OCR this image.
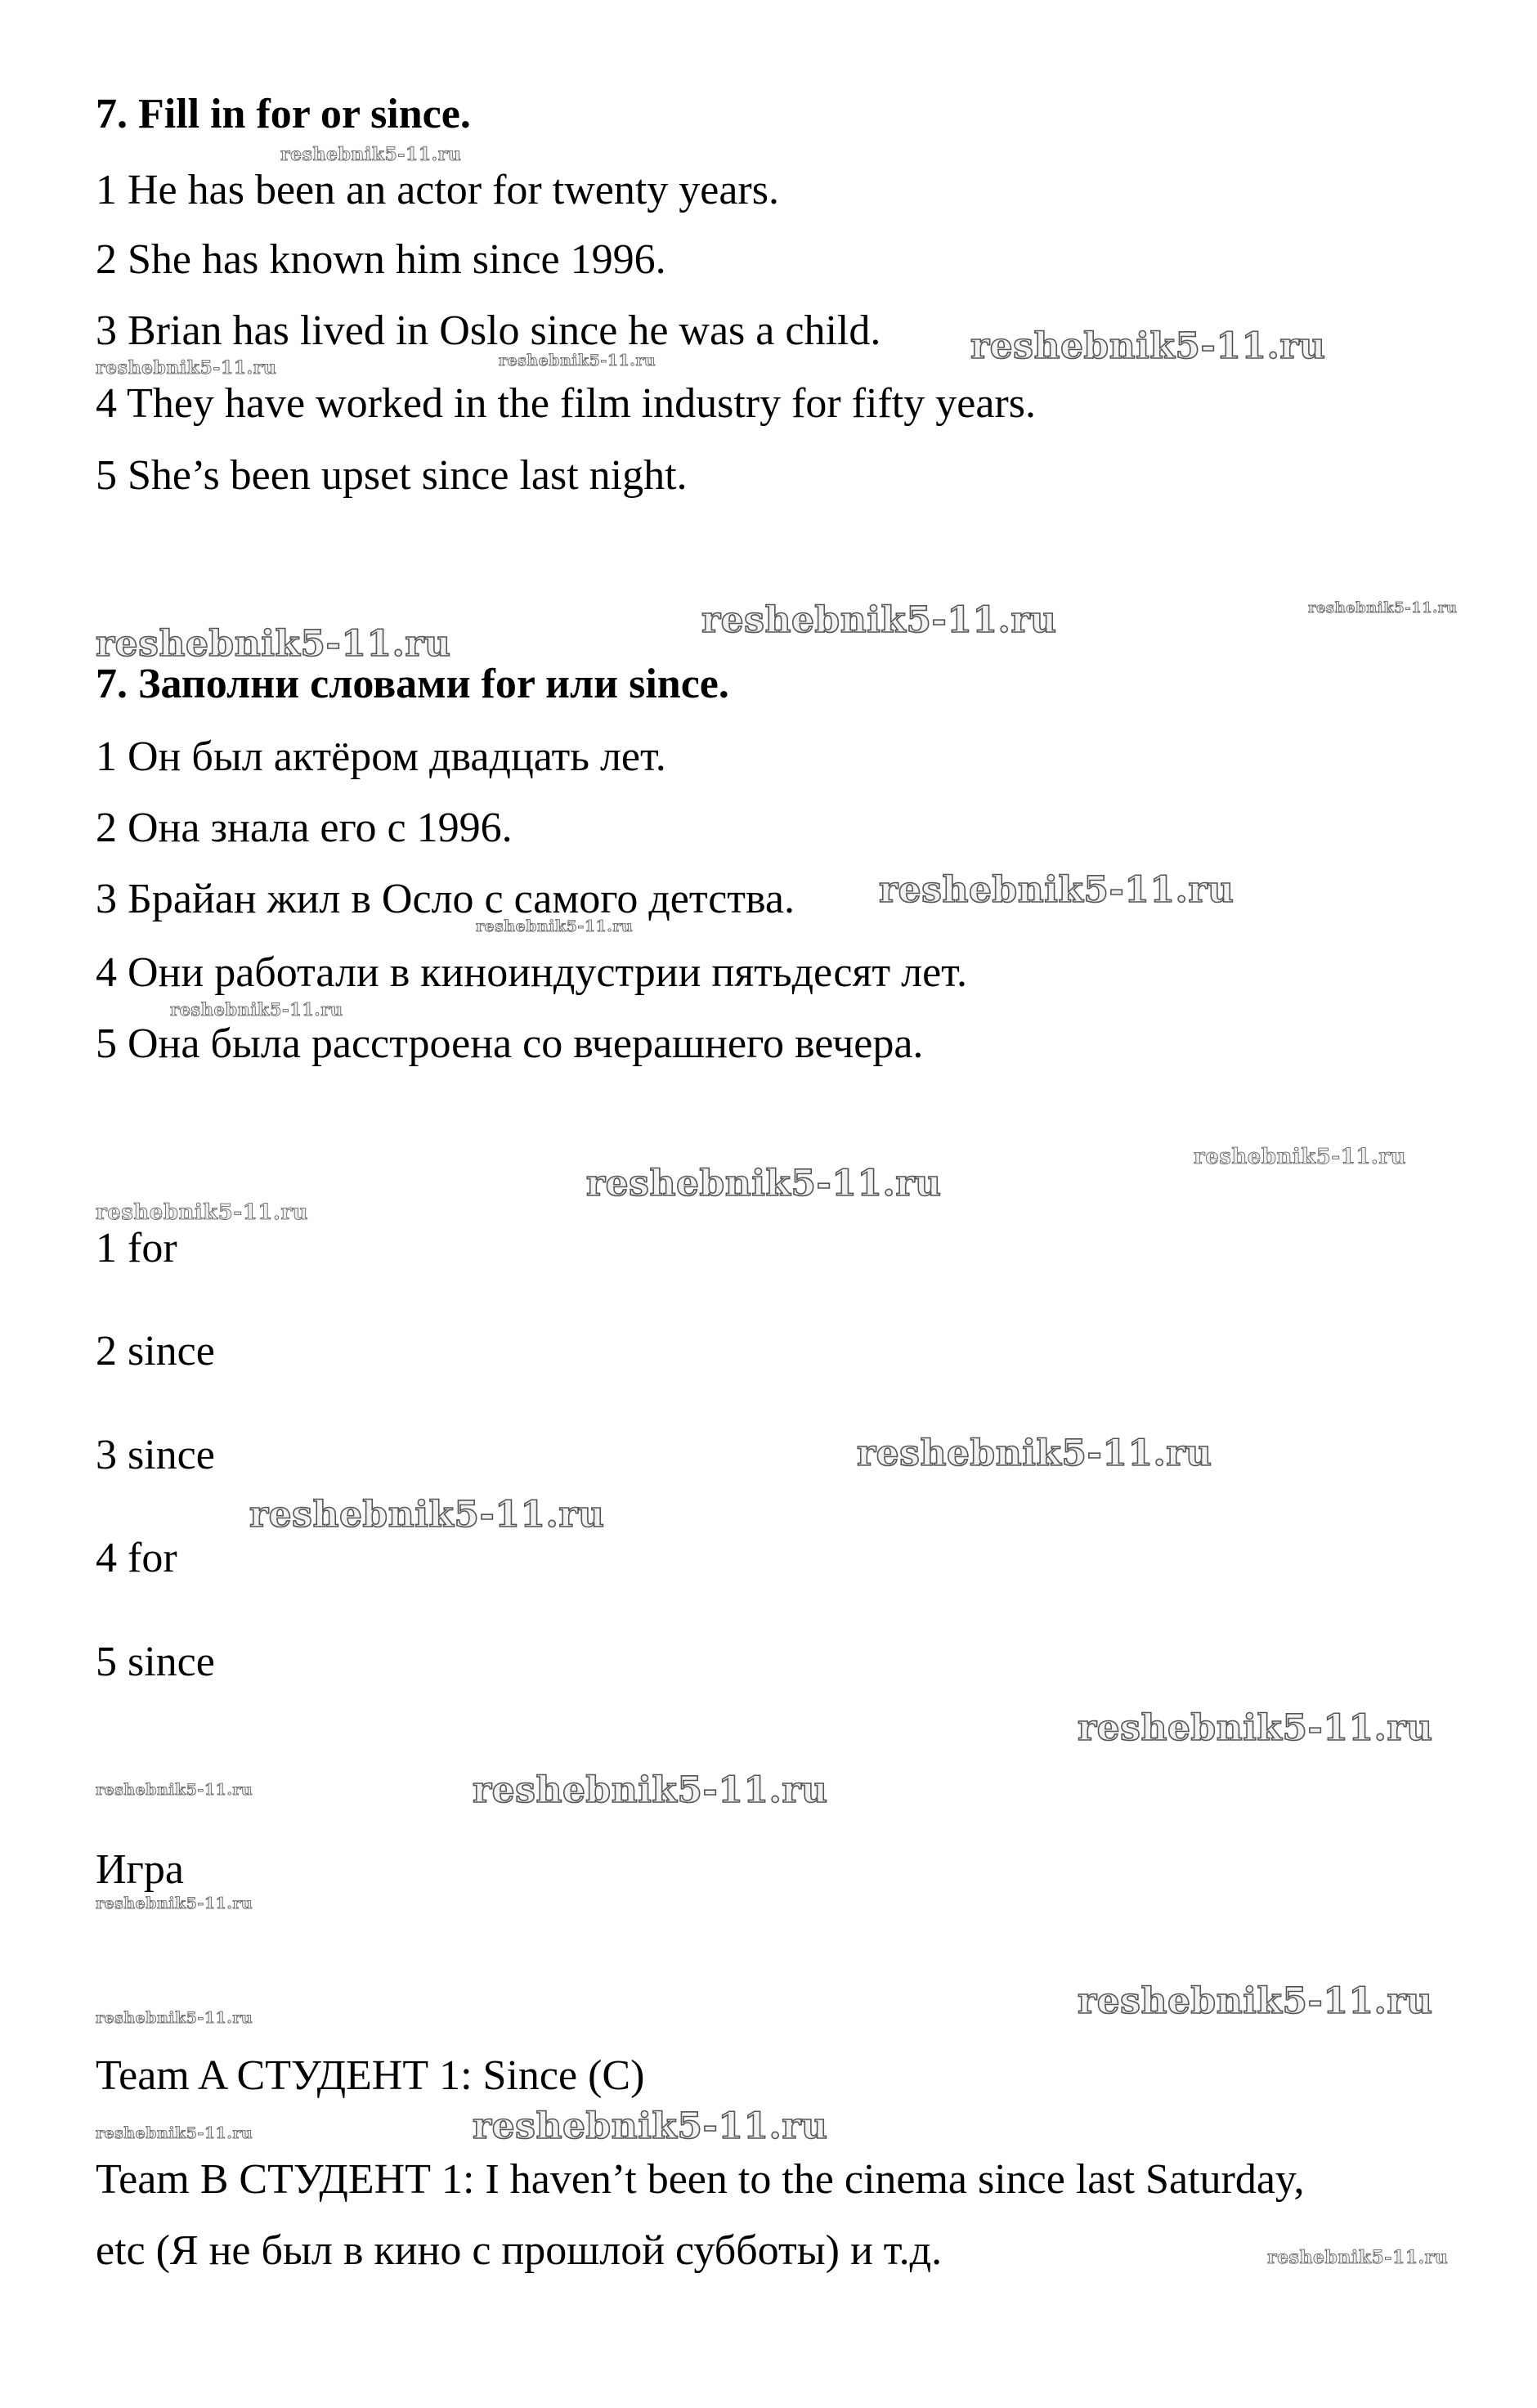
7. Fill in for or since.
1 He has been an actor for twenty years.
2 She has known him since 1996.
3 Brian has lived in Oslo since he was a child.
4 They have worked in the film industry for fifty years.
5 She’s been upset since last night.
7. Заполни словами for или since.
1 Он был актёром двадцать лет.
2 Она знала его с 1996.
3 Брайан жил в Осло с самого детства.
4 Они работали в киноиндустрии пятьдесят лет.
5 Она была расстроена со вчерашнего вечера.
1 for
2 since
3 since
4 for
5 since
Игра
Team A СТУДЕНТ 1: Since (C)
Team B СТУДЕНТ 1: I haven’t been to the cinema since last Saturday,
etc (Я не был в кино с прошлой субботы) и т.д.
reshebnik5-11.ru
reshebnik5-11.ru
reshebnik5-11.ru	reshebnik5-11.ru
reshebnik5-11.ru
reshebnik5-11.ru	reshebnik5-11.ru
reshebnik5-11.ru
reshebnik5-11.ru
reshebnik5-11.ru
reshebnik5-11.ru
reshebnik5-11.ru
reshebnik5-11.ru
reshebnik5-11.ru
reshebnik5-11.ru
reshebnik5-11.ru
reshebnik5-11.ru	reshebnik5-11.ru
reshebnik5-11.ru
reshebnik5-11.ru
reshebnik5-11.ru
reshebnik5-11.ru	reshebnik5-11.ru
reshebnik5-11.ru
